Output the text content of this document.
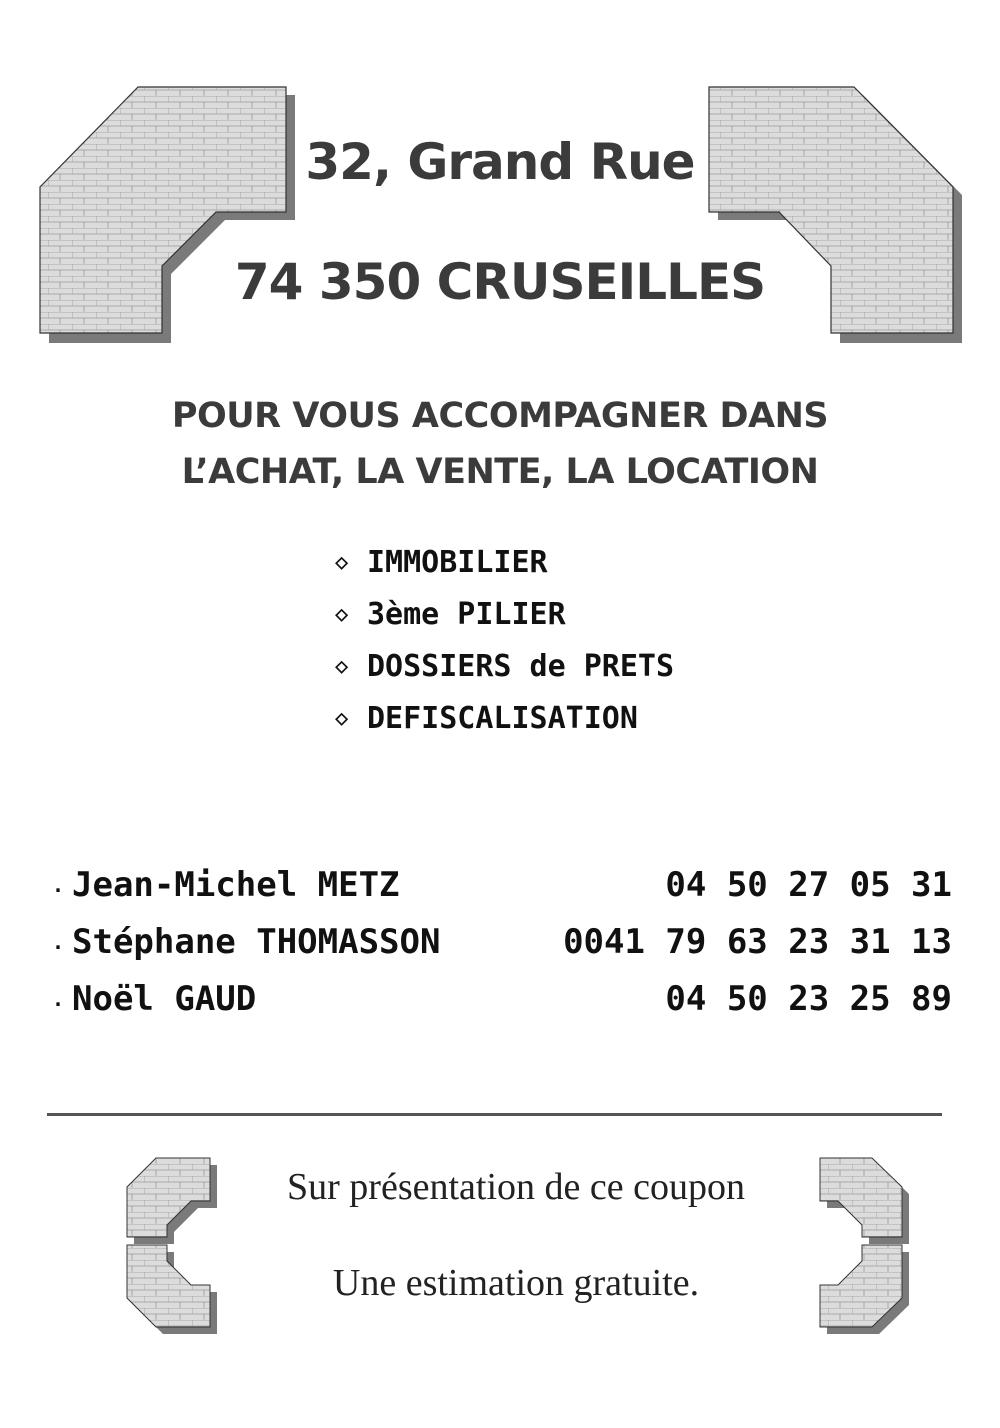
32, Grand Rue
74 350 CRUSEILLES
POUR VOUS ACCOMPAGNER DANS
L’ACHAT, LA VENTE, LA LOCATION
◇ IMMOBILIER
◇ 3ème PILIER
◇ DOSSIERS de PRETS
◇ DEFISCALISATION
. Jean-Michel METZ	04 50 27 05 31
. Stéphane THOMASSON	0041 79 63 23 31 13
. Noël GAUD	04 50 23 25 89
Sur présentation de ce coupon
Une estimation gratuite.
